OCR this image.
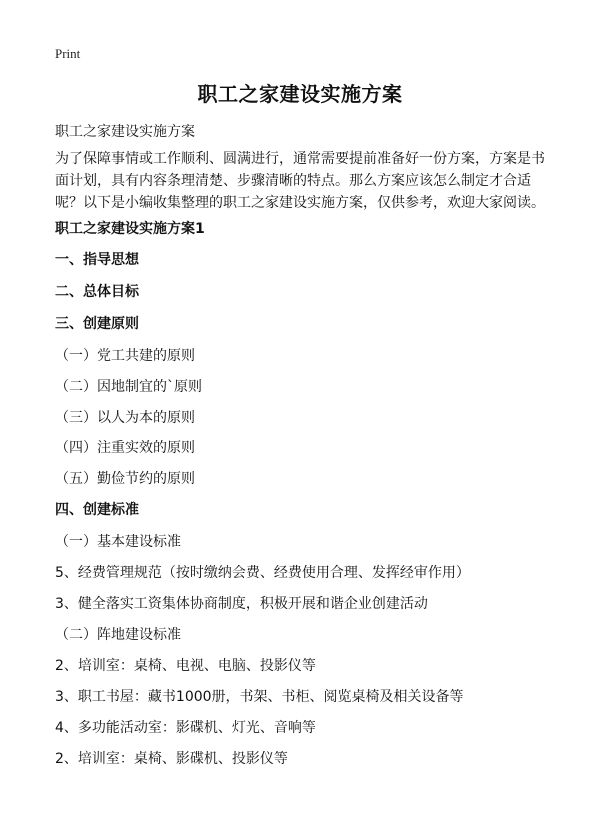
Print
职工之家建设实施方案
职工之家建设实施方案
为了保障事情或工作顺利、圆满进行，通常需要提前准备好一份方案，方案是书面计划，具有内容条理清楚、步骤清晰的特点。那么方案应该怎么制定才合适呢？以下是小编收集整理的职工之家建设实施方案，仅供参考，欢迎大家阅读。
职工之家建设实施方案1
一、指导思想
二、总体目标
三、创建原则
（一）党工共建的原则
（二）因地制宜的`原则
（三）以人为本的原则
（四）注重实效的原则
（五）勤俭节约的原则
四、创建标准
（一）基本建设标准
5、经费管理规范（按时缴纳会费、经费使用合理、发挥经审作用）
3、健全落实工资集体协商制度，积极开展和谐企业创建活动
（二）阵地建设标准
2、培训室：桌椅、电视、电脑、投影仪等
3、职工书屋：藏书1000册，书架、书柜、阅览桌椅及相关设备等
4、多功能活动室：影碟机、灯光、音响等
2、培训室：桌椅、影碟机、投影仪等
